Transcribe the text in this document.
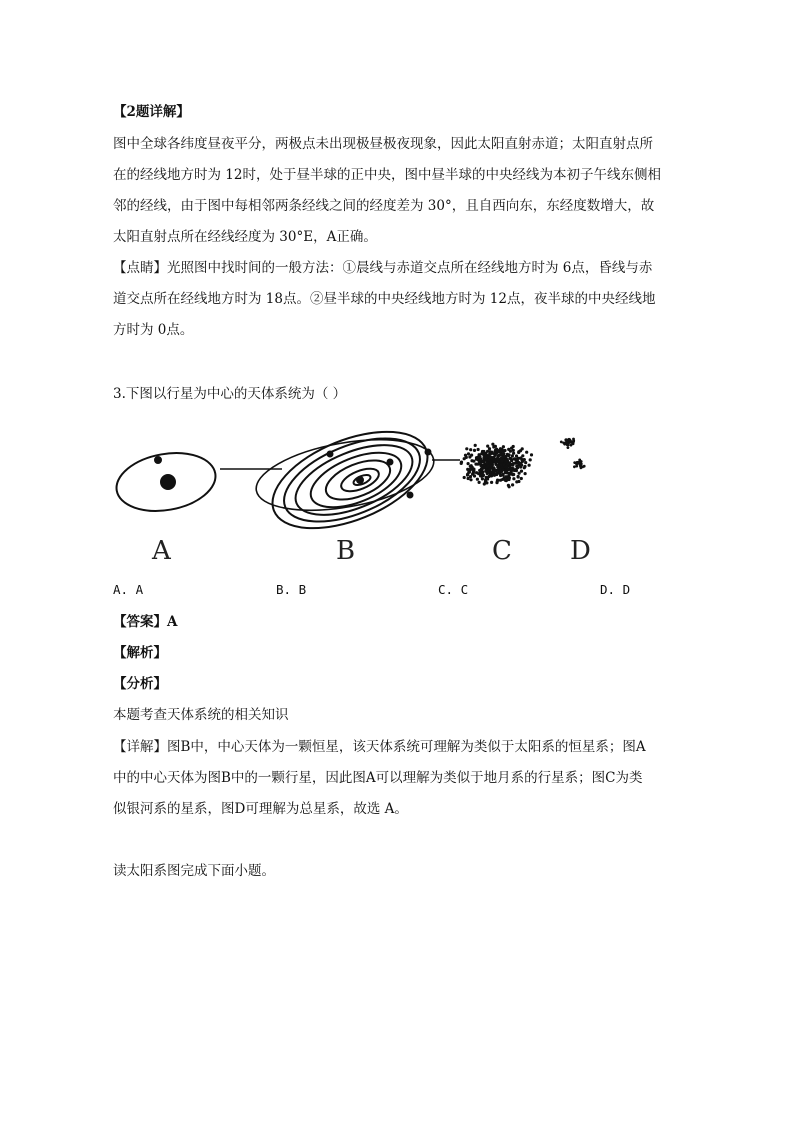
【2题详解】
图中全球各纬度昼夜平分，两极点未出现极昼极夜现象，因此太阳直射赤道；太阳直射点所
在的经线地方时为 12时，处于昼半球的正中央，图中昼半球的中央经线为本初子午线东侧相
邻的经线，由于图中每相邻两条经线之间的经度差为 30°，且自西向东，东经度数增大，故
太阳直射点所在经线经度为 30°E，A正确。
【点睛】光照图中找时间的一般方法：①晨线与赤道交点所在经线地方时为 6点，昏线与赤
道交点所在经线地方时为 18点。②昼半球的中央经线地方时为 12点，夜半球的中央经线地
方时为 0点。
3.下图以行星为中心的天体系统为（ ）
A	B	C D
A. A	B. B	C. C	D. D
【答案】A
【解析】
【分析】
本题考查天体系统的相关知识
【详解】图B中，中心天体为一颗恒星，该天体系统可理解为类似于太阳系的恒星系；图A
中的中心天体为图B中的一颗行星，因此图A可以理解为类似于地月系的行星系；图C为类
似银河系的星系，图D可理解为总星系，故选 A。
读太阳系图完成下面小题。
